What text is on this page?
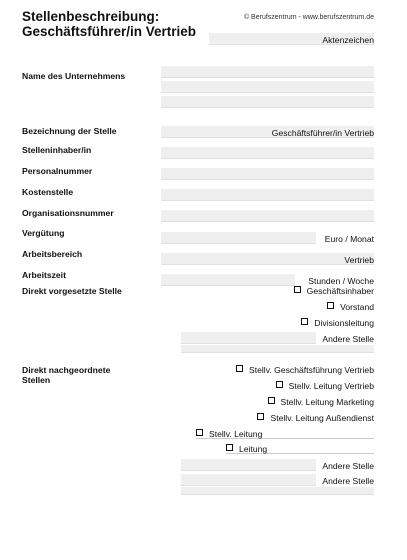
Stellenbeschreibung:
Geschäftsführer/in Vertrieb
© Berufszentrum - www.berufszentrum.de
Aktenzeichen
Name des Unternehmens
Bezeichnung der Stelle	Geschäftsführer/in Vertrieb
Stelleninhaber/in
Personalnummer
Kostenstelle
Organisationsnummer
Vergütung
Euro / Monat
Arbeitsbereich
Vertrieb
Arbeitszeit
Stunden / Woche
Direkt vorgesetzte Stelle	Geschäftsinhaber
Vorstand
Divisionsleitung
Andere Stelle
Direkt nachgeordnete
Stellen
Stellv. Geschäftsführung Vertrieb
Stellv. Leitung Vertrieb
Stellv. Leitung Marketing
Stellv. Leitung Außendienst
Stellv. Leitung
Leitung
Andere Stelle
Andere Stelle
